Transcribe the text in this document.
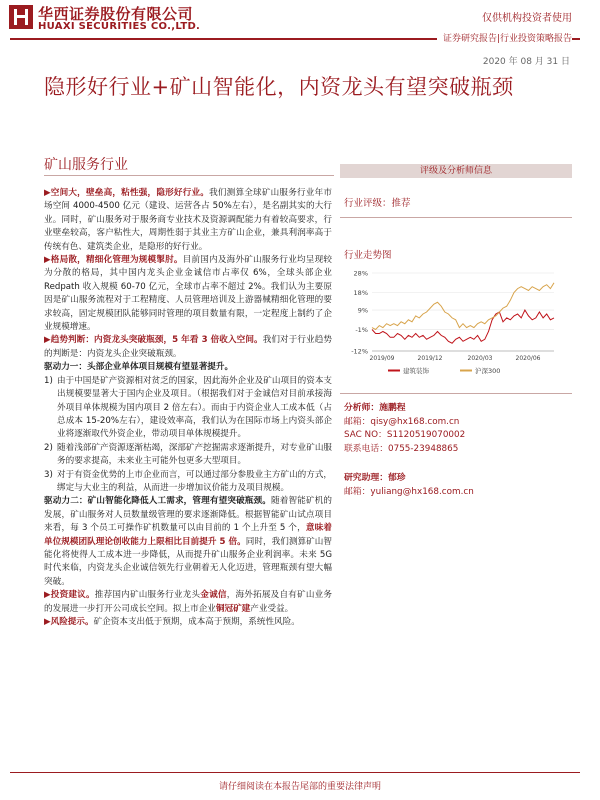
华西证券股份有限公司
HUAXI SECURITIES CO.,LTD.
仅供机构投资者使用
证券研究报告|行业投资策略报告
2020 年 08 月 31 日
隐形好行业+矿山智能化，内资龙头有望突破瓶颈
矿山服务行业

▶空间大，壁垒高，粘性强，隐形好行业。我们测算全球矿山服务行业年市场空间 4000-4500 亿元（建设、运营各占 50%左右），是名副其实的大行业。同时，矿山服务对于服务商专业技术及资源调配能力有着较高要求，行业壁垒较高，客户粘性大，周期性弱于其业主方矿山企业，兼具利润率高于传统有色、建筑类企业，是隐形的好行业。

▶格局散，精细化管理为规模掣肘。目前国内及海外矿山服务行业均呈现较为分散的格局，其中国内龙头企业金诚信市占率仅 6%，全球头部企业 Redpath 收入规模 60-70 亿元，全球市占率不超过 2%。我们认为主要原因是矿山服务流程对于工程精度、人员管理培训及上游器械精细化管理的要求较高，固定规模团队能够同时管理的项目数量有限，一定程度上制约了企业规模增速。

▶趋势判断：内资龙头突破瓶颈，5 年看 3 倍收入空间。我们对于行业趋势的判断是：内资龙头企业突破瓶颈。

驱动力一：头部企业单体项目规模有望显著提升。

1) 由于中国是矿产资源相对贫乏的国家，因此海外企业及矿山项目的资本支出规模要显著大于国内企业及项目。（根据我们对于金诚信对目前承接海外项目单体规模为国内项目 2 倍左右）。而由于内资企业人工成本低（占总成本 15-20%左右），建设效率高，我们认为在国际市场上内资头部企业将逐渐取代外资企业，带动项目单体规模提升。

2) 随着浅部矿产资源逐渐枯竭，深部矿产挖掘需求逐渐提升，对专业矿山服务的要求提高，未来业主可能外包更多大型项目。

3) 对于有资金优势的上市企业而言，可以通过部分参股业主方矿山的方式，绑定与大业主的利益，从而进一步增加议价能力及项目规模。

驱动力二：矿山智能化降低人工需求，管理有望突破瓶颈。随着智能矿机的发展，矿山服务对人员数量级管理的要求逐渐降低。根据智能矿山试点项目来看，每 3 个员工可操作矿机数量可以由目前的 1 个上升至 5 个，意味着单位规模团队理论创收能力上限相比目前提升 5 倍。同时，我们测算矿山智能化将使得人工成本进一步降低，从而提升矿山服务企业利润率。未来 5G 时代来临，内资龙头企业诚信领先行业朝着无人化迈进，管理瓶颈有望大幅突破。

▶投资建议。推荐国内矿山服务行业龙头金诚信，海外拓展及自有矿山业务的发展进一步打开公司成长空间。拟上市企业铜冠矿建产业受益。

▶风险提示。矿企资本支出低于预期，成本高于预期，系统性风险。

评级及分析师信息
行业评级：推荐
行业走势图
28%
18%
9%
-1%
-12%
2019/09	2019/12	2020/03	2020/06
建筑装饰	沪深300
分析师：施鹏程
邮箱：qisy@hx168.com.cn
SAC NO：S1120519070002
联系电话：0755-23948865
研究助理：郁珍
邮箱：yuliang@hx168.com.cn
请仔细阅读在本报告尾部的重要法律声明
